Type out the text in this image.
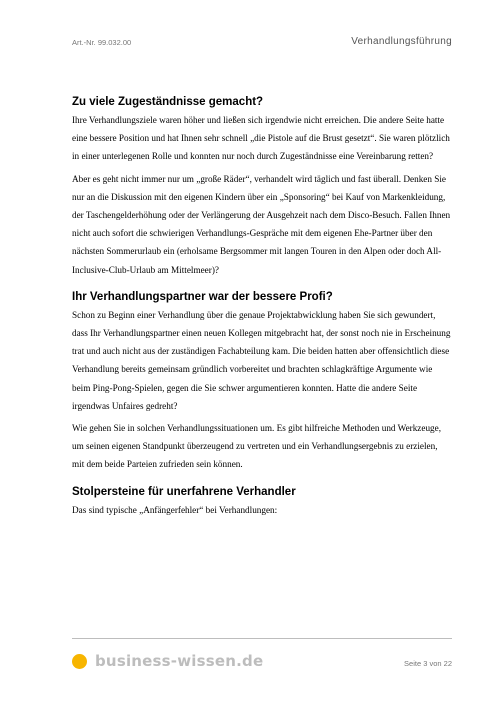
Art.-Nr. 99.032.00	Verhandlungsführung
Zu viele Zugeständnisse gemacht?

Ihre Verhandlungsziele waren höher und ließen sich irgendwie nicht erreichen. Die andere Seite hatte eine bessere Position und hat Ihnen sehr schnell „die Pistole auf die Brust gesetzt“. Sie waren plötzlich in einer unterlegenen Rolle und konnten nur noch durch Zugeständnisse eine Vereinbarung retten?

Aber es geht nicht immer nur um „große Räder“, verhandelt wird täglich und fast überall. Denken Sie nur an die Diskussion mit den eigenen Kindern über ein „Sponsoring“ bei Kauf von Markenkleidung, der Taschengelderhöhung oder der Verlängerung der Ausgehzeit nach dem Disco-Besuch. Fallen Ihnen nicht auch sofort die schwierigen Verhandlungs-Gespräche mit dem eigenen Ehe-Partner über den nächsten Sommerurlaub ein (erholsame Bergsommer mit langen Touren in den Alpen oder doch All-Inclusive-Club-Urlaub am Mittelmeer)?

Ihr Verhandlungspartner war der bessere Profi?

Schon zu Beginn einer Verhandlung über die genaue Projektabwicklung haben Sie sich gewundert, dass Ihr Verhandlungspartner einen neuen Kollegen mitgebracht hat, der sonst noch nie in Erscheinung trat und auch nicht aus der zuständigen Fachabteilung kam. Die beiden hatten aber offensichtlich diese Verhandlung bereits gemeinsam gründlich vorbereitet und brachten schlagkräftige Argumente wie beim Ping-Pong-Spielen, gegen die Sie schwer argumentieren konnten. Hatte die andere Seite irgendwas Unfaires gedreht?

Wie gehen Sie in solchen Verhandlungssituationen um. Es gibt hilfreiche Methoden und Werkzeuge, um seinen eigenen Standpunkt überzeugend zu vertreten und ein Verhandlungsergebnis zu erzielen, mit dem beide Parteien zufrieden sein können.

Stolpersteine für unerfahrene Verhandler

Das sind typische „Anfängerfehler“ bei Verhandlungen:

business-wissen.de	Seite 3 von 22
